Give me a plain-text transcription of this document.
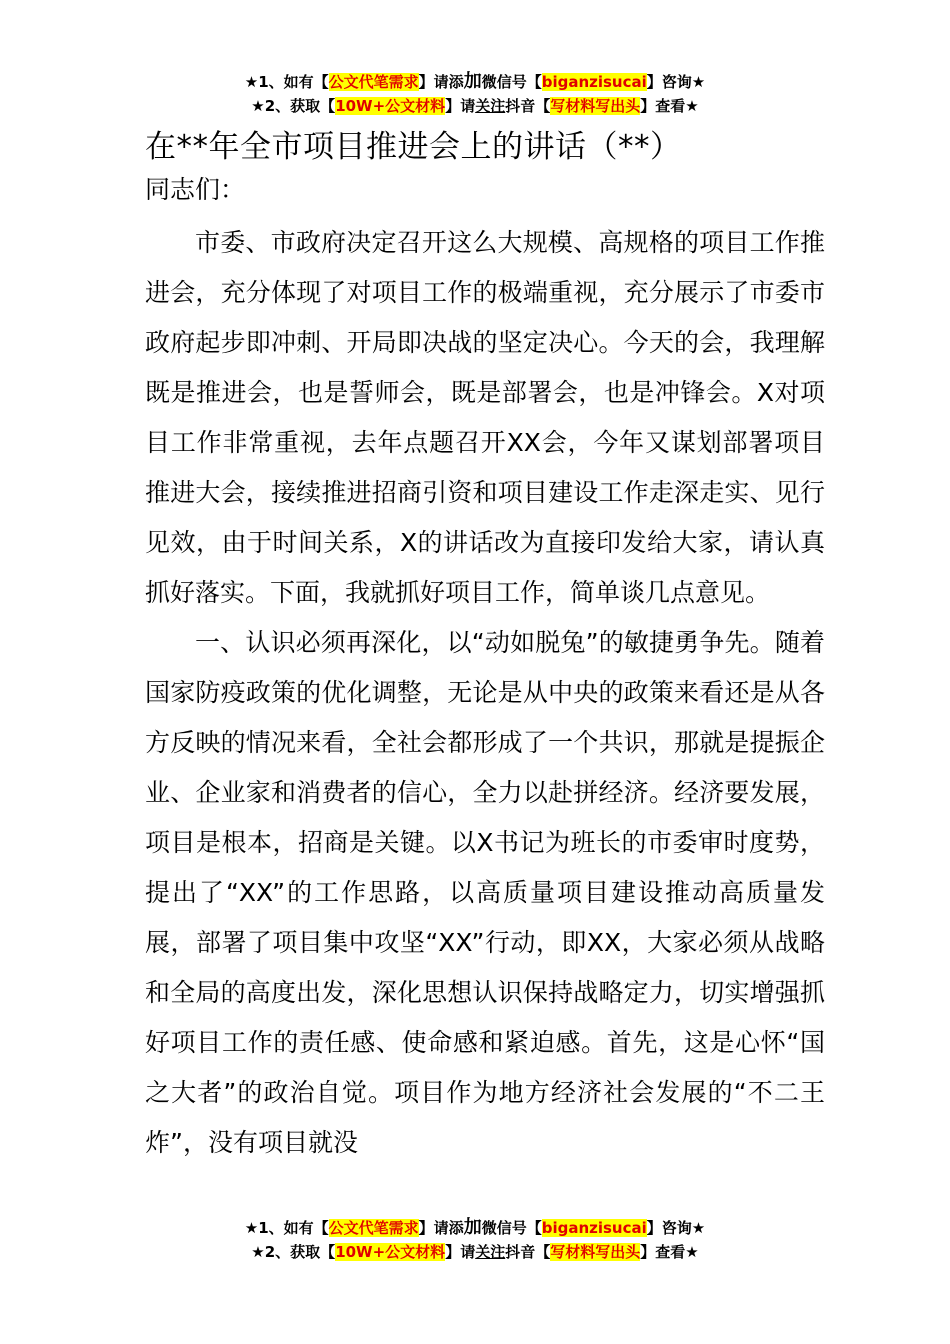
★1、如有【公文代笔需求】请添加微信号【biganzisucai】咨询★
★2、获取【10W+公文材料】请关注抖音【写材料写出头】查看★
在**年全市项目推进会上的讲话（**）

同志们：

市委、市政府决定召开这么大规模、高规格的项目工作推进会，充分体现了对项目工作的极端重视，充分展示了市委市政府起步即冲刺、开局即决战的坚定决心。今天的会，我理解既是推进会，也是誓师会，既是部署会，也是冲锋会。X对项目工作非常重视，去年点题召开XX会，今年又谋划部署项目推进大会，接续推进招商引资和项目建设工作走深走实、见行见效，由于时间关系，X的讲话改为直接印发给大家，请认真抓好落实。下面，我就抓好项目工作，简单谈几点意见。

一、认识必须再深化，以“动如脱兔”的敏捷勇争先。随着国家防疫政策的优化调整，无论是从中央的政策来看还是从各方反映的情况来看，全社会都形成了一个共识，那就是提振企业、企业家和消费者的信心，全力以赴拼经济。经济要发展，项目是根本，招商是关键。以X书记为班长的市委审时度势，提出了“XX”的工作思路，以高质量项目建设推动高质量发展，部署了项目集中攻坚“XX”行动，即XX，大家必须从战略和全局的高度出发，深化思想认识保持战略定力，切实增强抓好项目工作的责任感、使命感和紧迫感。首先，这是心怀“国之大者”的政治自觉。项目作为地方经济社会发展的“不二王炸”，没有项目就没

★1、如有【公文代笔需求】请添加微信号【biganzisucai】咨询★
★2、获取【10W+公文材料】请关注抖音【写材料写出头】查看★
